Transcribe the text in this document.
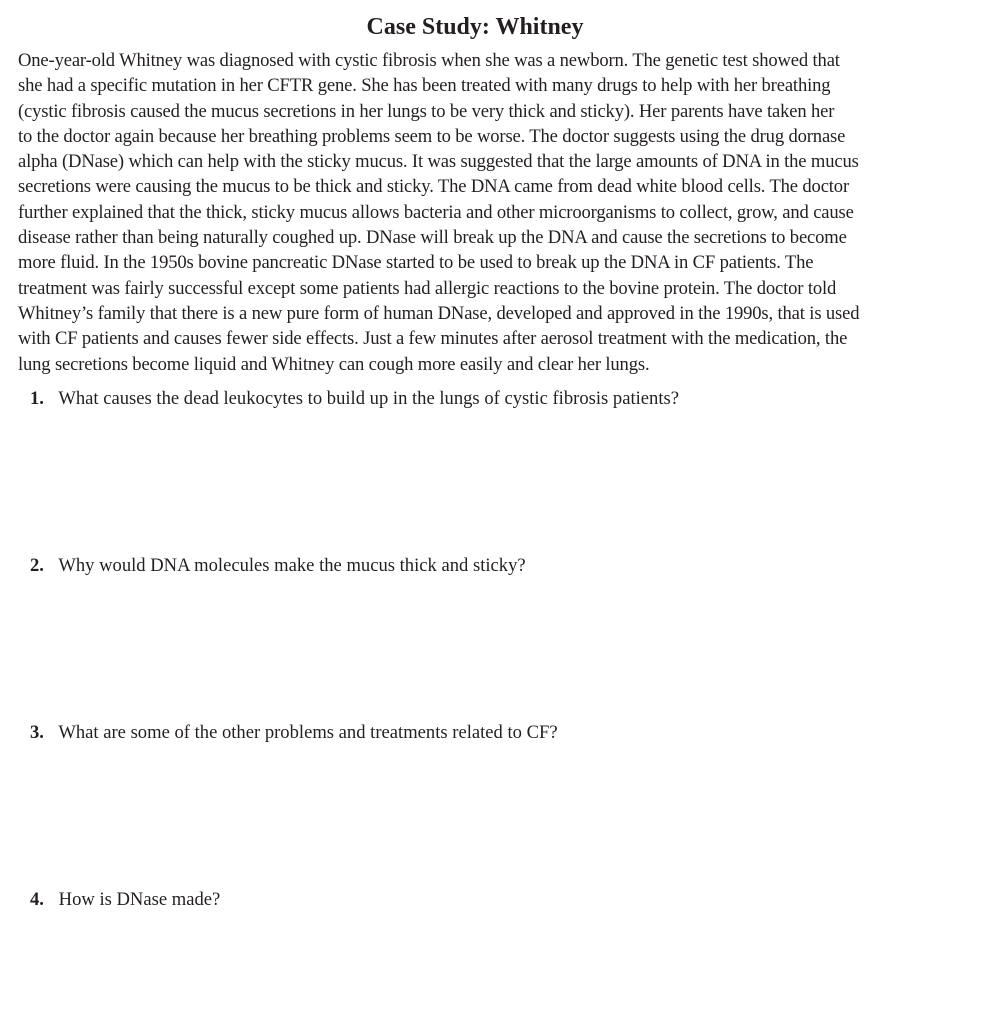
Case Study: Whitney

One-year-old Whitney was diagnosed with cystic fibrosis when she was a newborn. The genetic test showed that
she had a specific mutation in her CFTR gene. She has been treated with many drugs to help with her breathing
(cystic fibrosis caused the mucus secretions in her lungs to be very thick and sticky). Her parents have taken her
to the doctor again because her breathing problems seem to be worse. The doctor suggests using the drug dornase
alpha (DNase) which can help with the sticky mucus. It was suggested that the large amounts of DNA in the mucus
secretions were causing the mucus to be thick and sticky. The DNA came from dead white blood cells. The doctor
further explained that the thick, sticky mucus allows bacteria and other microorganisms to collect, grow, and cause
disease rather than being naturally coughed up. DNase will break up the DNA and cause the secretions to become
more fluid. In the 1950s bovine pancreatic DNase started to be used to break up the DNA in CF patients. The
treatment was fairly successful except some patients had allergic reactions to the bovine protein. The doctor told
Whitney’s family that there is a new pure form of human DNase, developed and approved in the 1990s, that is used
with CF patients and causes fewer side effects. Just a few minutes after aerosol treatment with the medication, the
lung secretions become liquid and Whitney can cough more easily and clear her lungs.

1. What causes the dead leukocytes to build up in the lungs of cystic fibrosis patients?

2. Why would DNA molecules make the mucus thick and sticky?

3. What are some of the other problems and treatments related to CF?

4. How is DNase made?
